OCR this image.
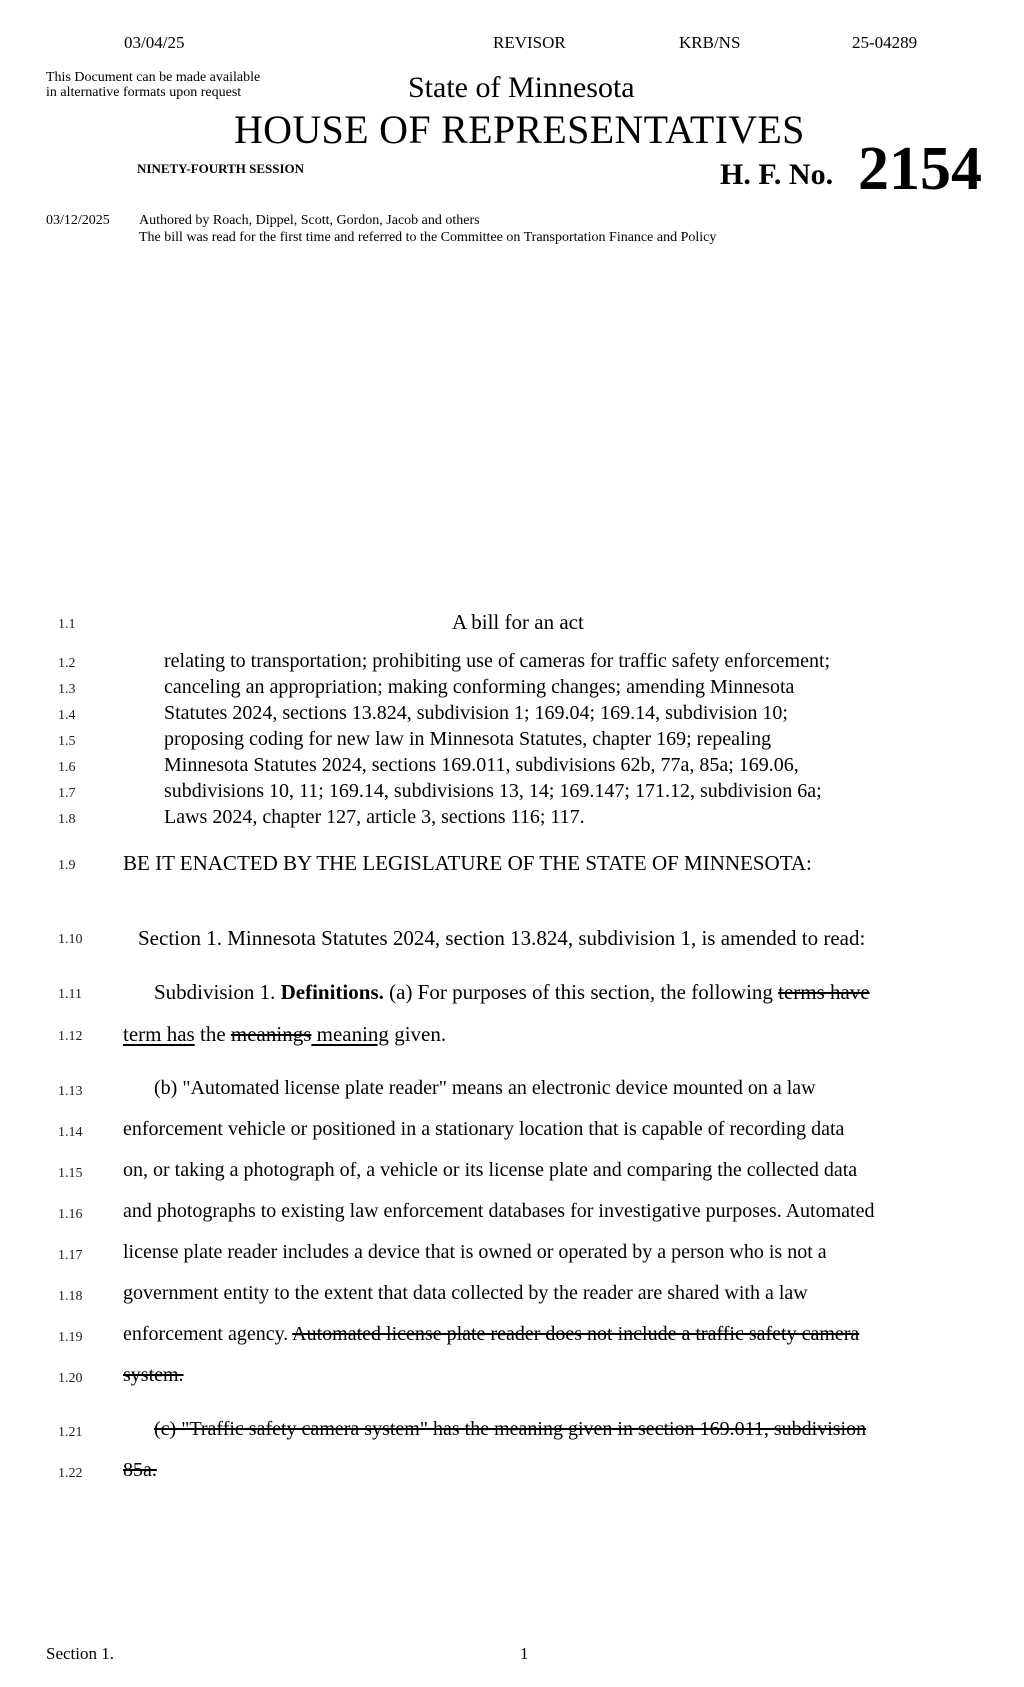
03/04/25	REVISOR	KRB/NS	25-04289
This Document can be made available
in alternative formats upon request	State of Minnesota
HOUSE OF REPRESENTATIVES
NINETY-FOURTH SESSION	H. F. No. 2154
03/12/2025 Authored by Roach, Dippel, Scott, Gordon, Jacob and others
The bill was read for the first time and referred to the Committee on Transportation Finance and Policy
1.1
1.2
1.3
1.4
1.5
1.6
1.7
1.8
1.9
A bill for an act
relating to transportation; prohibiting use of cameras for traffic safety enforcement;
canceling an appropriation; making conforming changes; amending Minnesota
Statutes 2024, sections 13.824, subdivision 1; 169.04; 169.14, subdivision 10;
proposing coding for new law in Minnesota Statutes, chapter 169; repealing
Minnesota Statutes 2024, sections 169.011, subdivisions 62b, 77a, 85a; 169.06,
subdivisions 10, 11; 169.14, subdivisions 13, 14; 169.147; 171.12, subdivision 6a;
Laws 2024, chapter 127, article 3, sections 116; 117.
BE IT ENACTED BY THE LEGISLATURE OF THE STATE OF MINNESOTA:
1.10
1.11
1.12
1.13
1.14
1.15
1.16
1.17
1.18
1.19
1.20
1.21
1.22
Section 1. Minnesota Statutes 2024, section 13.824, subdivision 1, is amended to read:
Subdivision 1. Definitions. (a) For purposes of this section, the following terms have
term has the meanings meaning given.
(b) "Automated license plate reader" means an electronic device mounted on a law
enforcement vehicle or positioned in a stationary location that is capable of recording data
on, or taking a photograph of, a vehicle or its license plate and comparing the collected data
and photographs to existing law enforcement databases for investigative purposes. Automated
license plate reader includes a device that is owned or operated by a person who is not a
government entity to the extent that data collected by the reader are shared with a law
enforcement agency. Automated license plate reader does not include a traffic safety camera
system.
(c) "Traffic safety camera system" has the meaning given in section 169.011, subdivision
85a.
Section 1.	1
